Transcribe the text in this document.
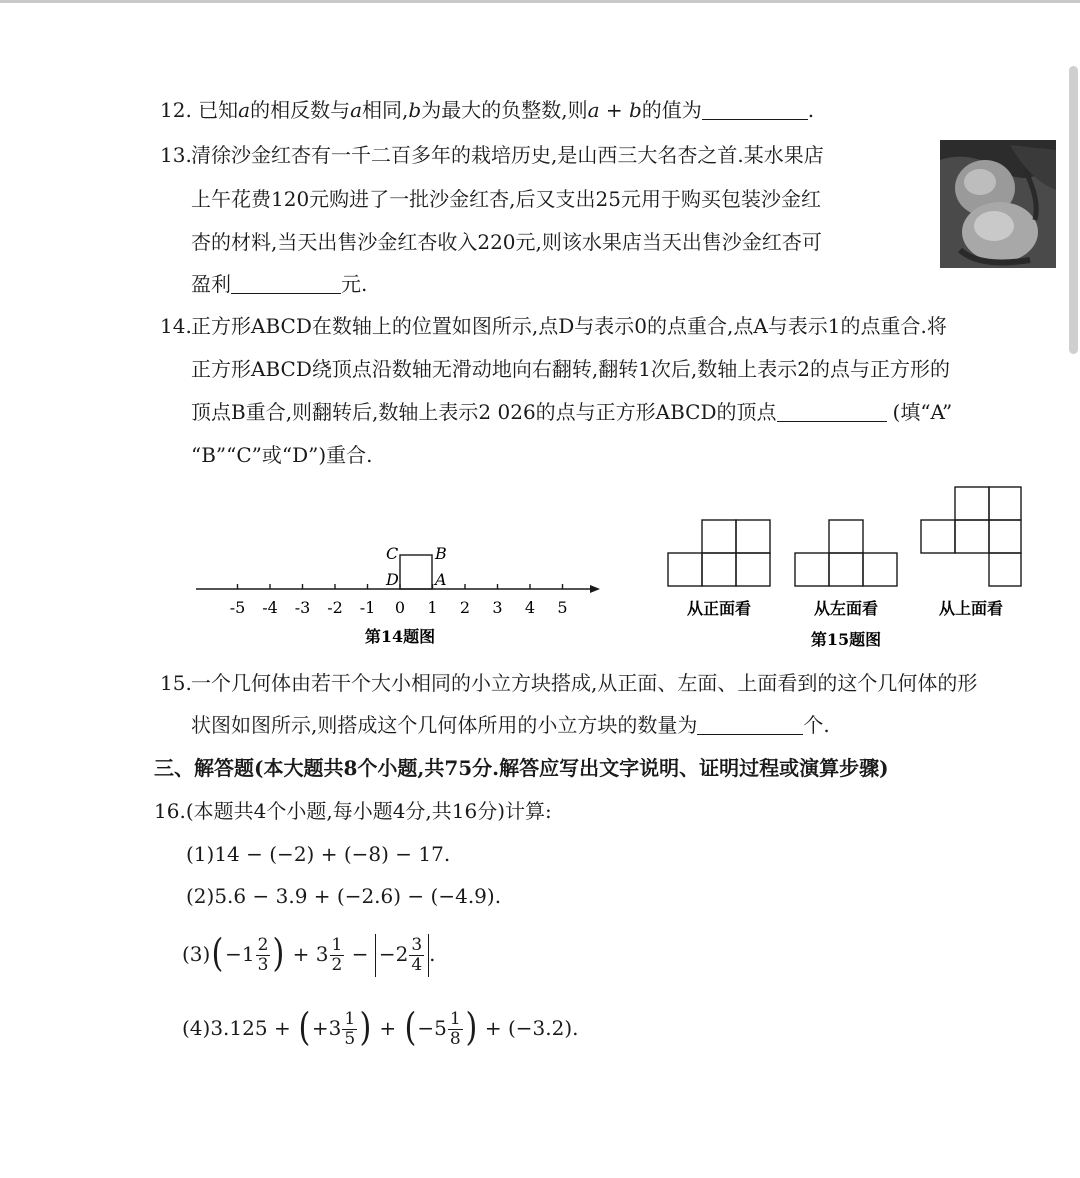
12. 已知a的相反数与a相同,b为最大的负整数,则a + b的值为	.
13. 清徐沙金红杏有一千二百多年的栽培历史,是山西三大名杏之首.某水果店
上午花费120元购进了一批沙金红杏,后又支出25元用于购买包装沙金红
杏的材料,当天出售沙金红杏收入220元,则该水果店当天出售沙金红杏可
盈利	元.
14. 正方形ABCD在数轴上的位置如图所示,点D与表示0的点重合,点A与表示1的点重合.将
正方形ABCD绕顶点沿数轴无滑动地向右翻转,翻转1次后,数轴上表示2的点与正方形的
顶点B重合,则翻转后,数轴上表示2 026的点与正方形ABCD的顶点	(填“A”
“B”“C”或“D”)重合.
-5 -4 -3 -2 -1 0 1 2 3 4 5
C B
D A
第14题图
从正面看	从左面看	从上面看
第15题图
15. 一个几何体由若干个大小相同的小立方块搭成,从正面、左面、上面看到的这个几何体的形
状图如图所示,则搭成这个几何体所用的小立方块的数量为	个.
三、解答题(本大题共8个小题,共75分.解答应写出文字说明、证明过程或演算步骤)
16.(本题共4个小题,每小题4分,共16分)计算:
(1)14 − (−2) + (−8) − 17.
(2)5.6 − 3.9 + (−2.6) − (−4.9).
$(3)(-1 \frac{2}{3}$ ) + $3 \frac{1}{2} - -2 \frac{3}{4}$ .
$(4)3.125 + (+3 \frac{1}{5}$ ) + ($-5 \frac{1}{8}$ ) + (−3.2).
